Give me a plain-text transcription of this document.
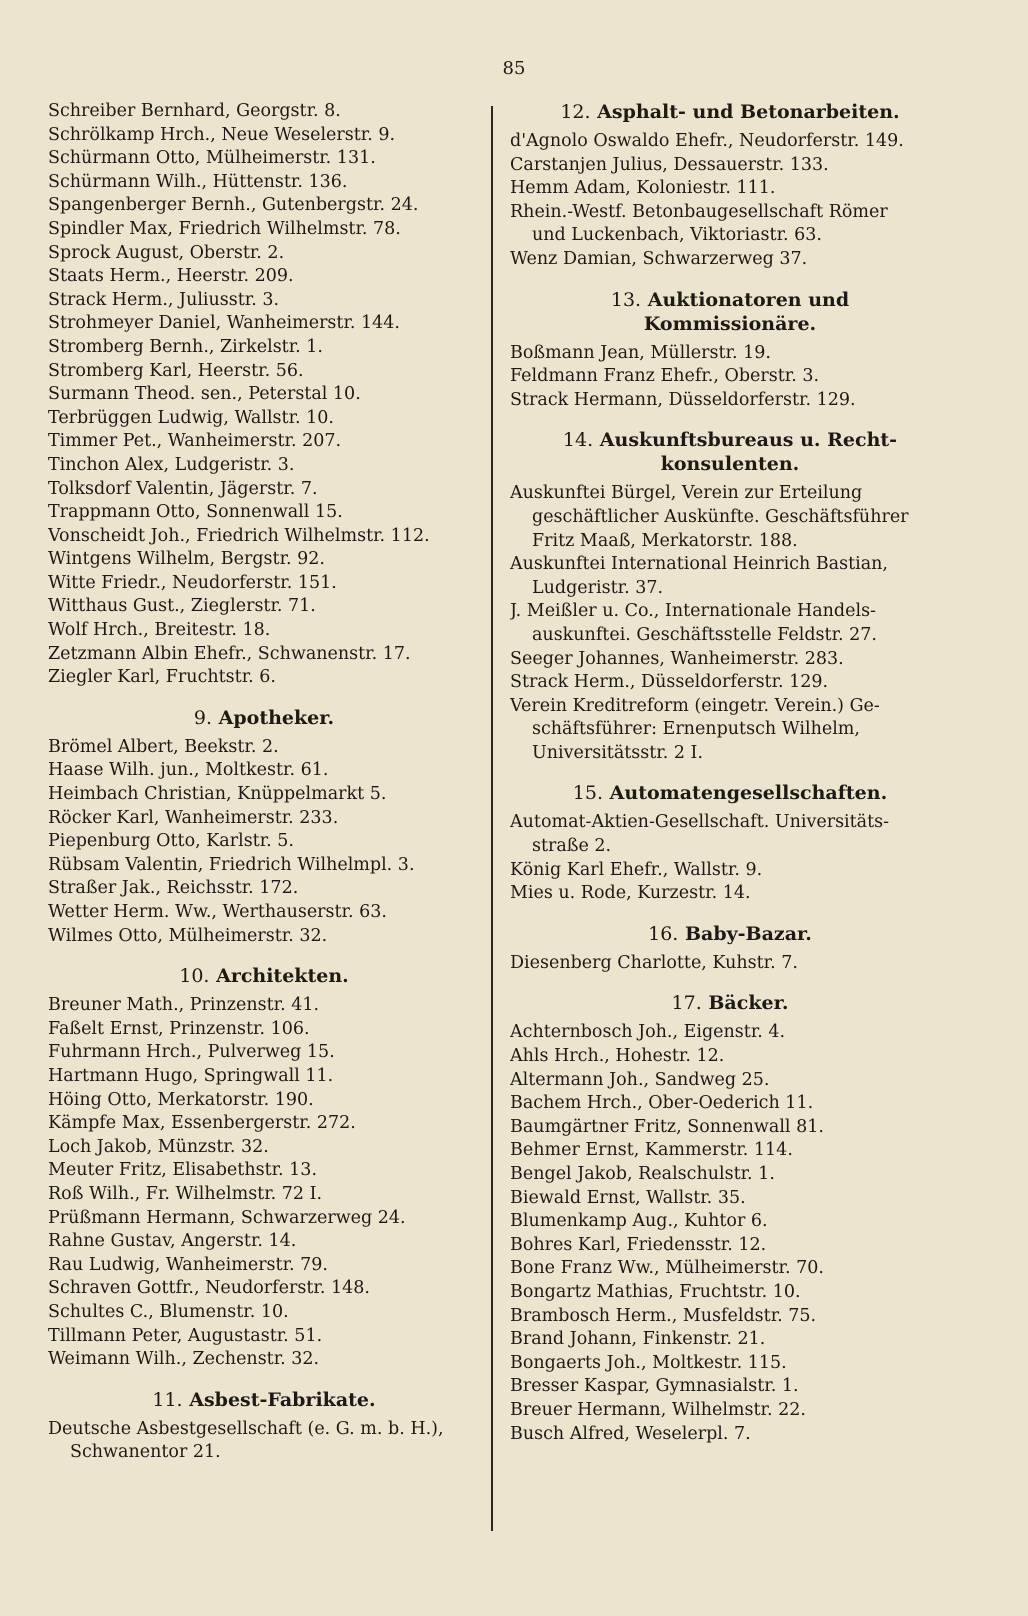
85
Schreiber Bernhard, Georgstr. 8.
Schrölkamp Hrch., Neue Weselerstr. 9.
Schürmann Otto, Mülheimerstr. 131.
Schürmann Wilh., Hüttenstr. 136.
Spangenberger Bernh., Gutenbergstr. 24.
Spindler Max, Friedrich Wilhelmstr. 78.
Sprock August, Oberstr. 2.
Staats Herm., Heerstr. 209.
Strack Herm., Juliusstr. 3.
Strohmeyer Daniel, Wanheimerstr. 144.
Stromberg Bernh., Zirkelstr. 1.
Stromberg Karl, Heerstr. 56.
Surmann Theod. sen., Peterstal 10.
Terbrüggen Ludwig, Wallstr. 10.
Timmer Pet., Wanheimerstr. 207.
Tinchon Alex, Ludgeristr. 3.
Tolksdorf Valentin, Jägerstr. 7.
Trappmann Otto, Sonnenwall 15.
Vonscheidt Joh., Friedrich Wilhelmstr. 112.
Wintgens Wilhelm, Bergstr. 92.
Witte Friedr., Neudorferstr. 151.
Witthaus Gust., Zieglerstr. 71.
Wolf Hrch., Breitestr. 18.
Zetzmann Albin Ehefr., Schwanenstr. 17.
Ziegler Karl, Fruchtstr. 6.
9. Apotheker.
Brömel Albert, Beekstr. 2.
Haase Wilh. jun., Moltkestr. 61.
Heimbach Christian, Knüppelmarkt 5.
Röcker Karl, Wanheimerstr. 233.
Piepenburg Otto, Karlstr. 5.
Rübsam Valentin, Friedrich Wilhelmpl. 3.
Straßer Jak., Reichsstr. 172.
Wetter Herm. Ww., Werthauserstr. 63.
Wilmes Otto, Mülheimerstr. 32.
10. Architekten.
Breuner Math., Prinzenstr. 41.
Faßelt Ernst, Prinzenstr. 106.
Fuhrmann Hrch., Pulverweg 15.
Hartmann Hugo, Springwall 11.
Höing Otto, Merkatorstr. 190.
Kämpfe Max, Essenbergerstr. 272.
Loch Jakob, Münzstr. 32.
Meuter Fritz, Elisabethstr. 13.
Roß Wilh., Fr. Wilhelmstr. 72 I.
Prüßmann Hermann, Schwarzerweg 24.
Rahne Gustav, Angerstr. 14.
Rau Ludwig, Wanheimerstr. 79.
Schraven Gottfr., Neudorferstr. 148.
Schultes C., Blumenstr. 10.
Tillmann Peter, Augustastr. 51.
Weimann Wilh., Zechenstr. 32.
11. Asbest-Fabrikate.
Deutsche Asbestgesellschaft (e. G. m. b. H.),
Schwanentor 21.
12. Asphalt- und Betonarbeiten.
d'Agnolo Oswaldo Ehefr., Neudorferstr. 149.
Carstanjen Julius, Dessauerstr. 133.
Hemm Adam, Koloniestr. 111.
Rhein.-Westf. Betonbaugesellschaft Römer
und Luckenbach, Viktoriastr. 63.
Wenz Damian, Schwarzerweg 37.
13. Auktionatoren und
Kommissionäre.
Boßmann Jean, Müllerstr. 19.
Feldmann Franz Ehefr., Oberstr. 3.
Strack Hermann, Düsseldorferstr. 129.
14. Auskunftsbureaus u. Recht-
konsulenten.
Auskunftei Bürgel, Verein zur Erteilung
geschäftlicher Auskünfte. Geschäftsführer
Fritz Maaß, Merkatorstr. 188.
Auskunftei International Heinrich Bastian,
Ludgeristr. 37.
J. Meißler u. Co., Internationale Handels-
auskunftei. Geschäftsstelle Feldstr. 27.
Seeger Johannes, Wanheimerstr. 283.
Strack Herm., Düsseldorferstr. 129.
Verein Kreditreform (eingetr. Verein.) Ge-
schäftsführer: Ernenputsch Wilhelm,
Universitätsstr. 2 I.
15. Automatengesellschaften.
Automat-Aktien-Gesellschaft. Universitäts-
straße 2.
König Karl Ehefr., Wallstr. 9.
Mies u. Rode, Kurzestr. 14.
16. Baby-Bazar.
Diesenberg Charlotte, Kuhstr. 7.
17. Bäcker.
Achternbosch Joh., Eigenstr. 4.
Ahls Hrch., Hohestr. 12.
Altermann Joh., Sandweg 25.
Bachem Hrch., Ober-Oederich 11.
Baumgärtner Fritz, Sonnenwall 81.
Behmer Ernst, Kammerstr. 114.
Bengel Jakob, Realschulstr. 1.
Biewald Ernst, Wallstr. 35.
Blumenkamp Aug., Kuhtor 6.
Bohres Karl, Friedensstr. 12.
Bone Franz Ww., Mülheimerstr. 70.
Bongartz Mathias, Fruchtstr. 10.
Brambosch Herm., Musfeldstr. 75.
Brand Johann, Finkenstr. 21.
Bongaerts Joh., Moltkestr. 115.
Bresser Kaspar, Gymnasialstr. 1.
Breuer Hermann, Wilhelmstr. 22.
Busch Alfred, Weselerpl. 7.
